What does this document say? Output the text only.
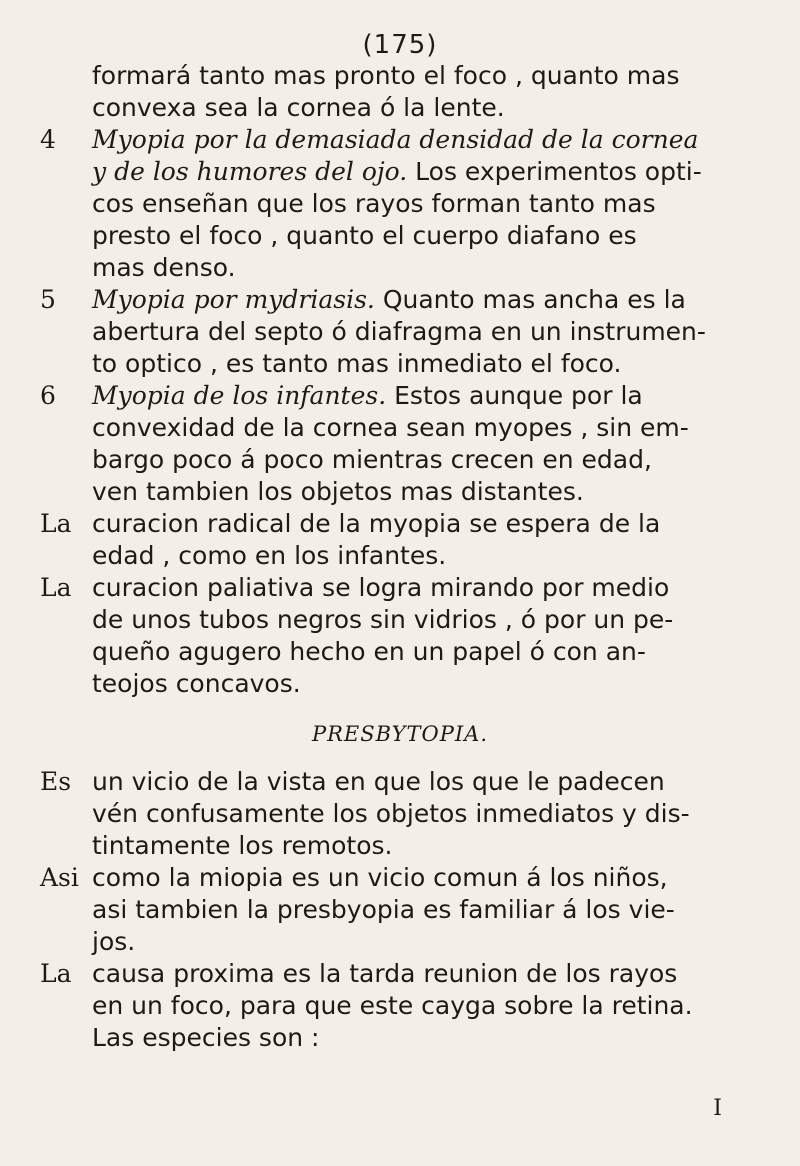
(175)
formará tanto mas pronto el foco , quanto mas
convexa sea la cornea ó la lente.
4 Myopia por la demasiada densidad de la cornea
y de los humores del ojo. Los experimentos opti-
cos enseñan que los rayos forman tanto mas
presto el foco , quanto el cuerpo diafano es
mas denso.
5 Myopia por mydriasis. Quanto mas ancha es la
abertura del septo ó diafragma en un instrumen-
to optico , es tanto mas inmediato el foco.
6 Myopia de los infantes. Estos aunque por la
convexidad de la cornea sean myopes , sin em-
bargo poco á poco mientras crecen en edad,
ven tambien los objetos mas distantes.
La curacion radical de la myopia se espera de la
edad , como en los infantes.
La curacion paliativa se logra mirando por medio
de unos tubos negros sin vidrios , ó por un pe-
queño agugero hecho en un papel ó con an-
teojos concavos.
PRESBYTOPIA.
Es un vicio de la vista en que los que le padecen
vén confusamente los objetos inmediatos y dis-
tintamente los remotos.
Asi como la miopia es un vicio comun á los niños,
asi tambien la presbyopia es familiar á los vie-
jos.
La causa proxima es la tarda reunion de los rayos
en un foco, para que este cayga sobre la retina.
Las especies son :
I
